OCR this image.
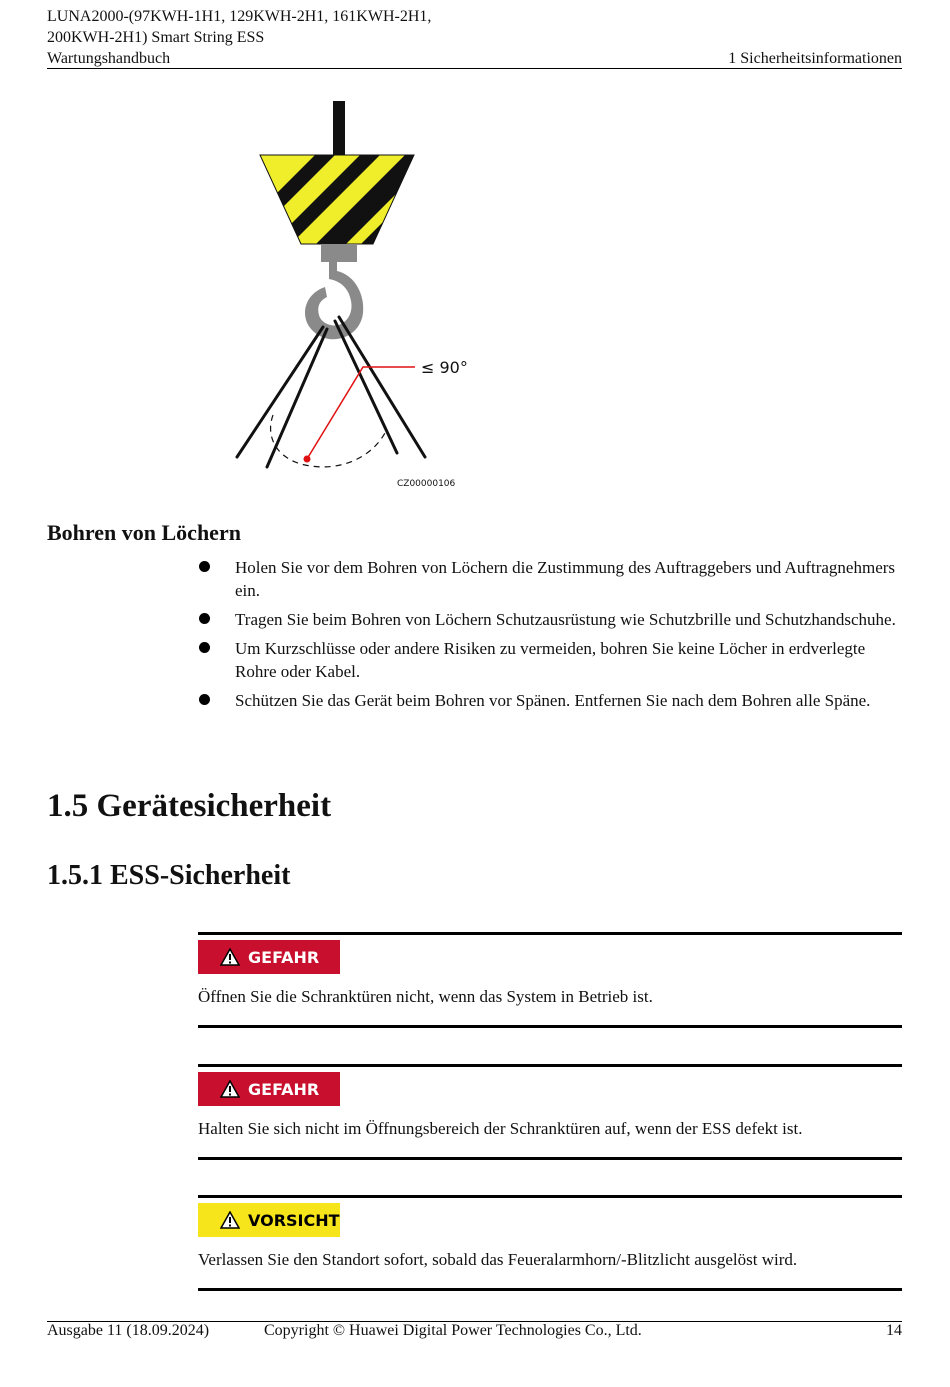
LUNA2000-(97KWH-1H1, 129KWH-2H1, 161KWH-2H1,
200KWH-2H1) Smart String ESS
Wartungshandbuch	1 Sicherheitsinformationen
≤ 90°
CZ00000106
Bohren von Löchern
Holen Sie vor dem Bohren von Löchern die Zustimmung des Auftraggebers und Auftragnehmers ein.
Tragen Sie beim Bohren von Löchern Schutzausrüstung wie Schutzbrille und Schutzhandschuhe.
Um Kurzschlüsse oder andere Risiken zu vermeiden, bohren Sie keine Löcher in erdverlegte Rohre oder Kabel.
Schützen Sie das Gerät beim Bohren vor Spänen. Entfernen Sie nach dem Bohren alle Späne.
1.5 Gerätesicherheit
1.5.1 ESS-Sicherheit
GEFAHR
Öffnen Sie die Schranktüren nicht, wenn das System in Betrieb ist.
GEFAHR
Halten Sie sich nicht im Öffnungsbereich der Schranktüren auf, wenn der ESS defekt ist.
VORSICHT
Verlassen Sie den Standort sofort, sobald das Feueralarmhorn/-Blitzlicht ausgelöst wird.
Ausgabe 11 (18.09.2024)	Copyright © Huawei Digital Power Technologies Co., Ltd.	14
